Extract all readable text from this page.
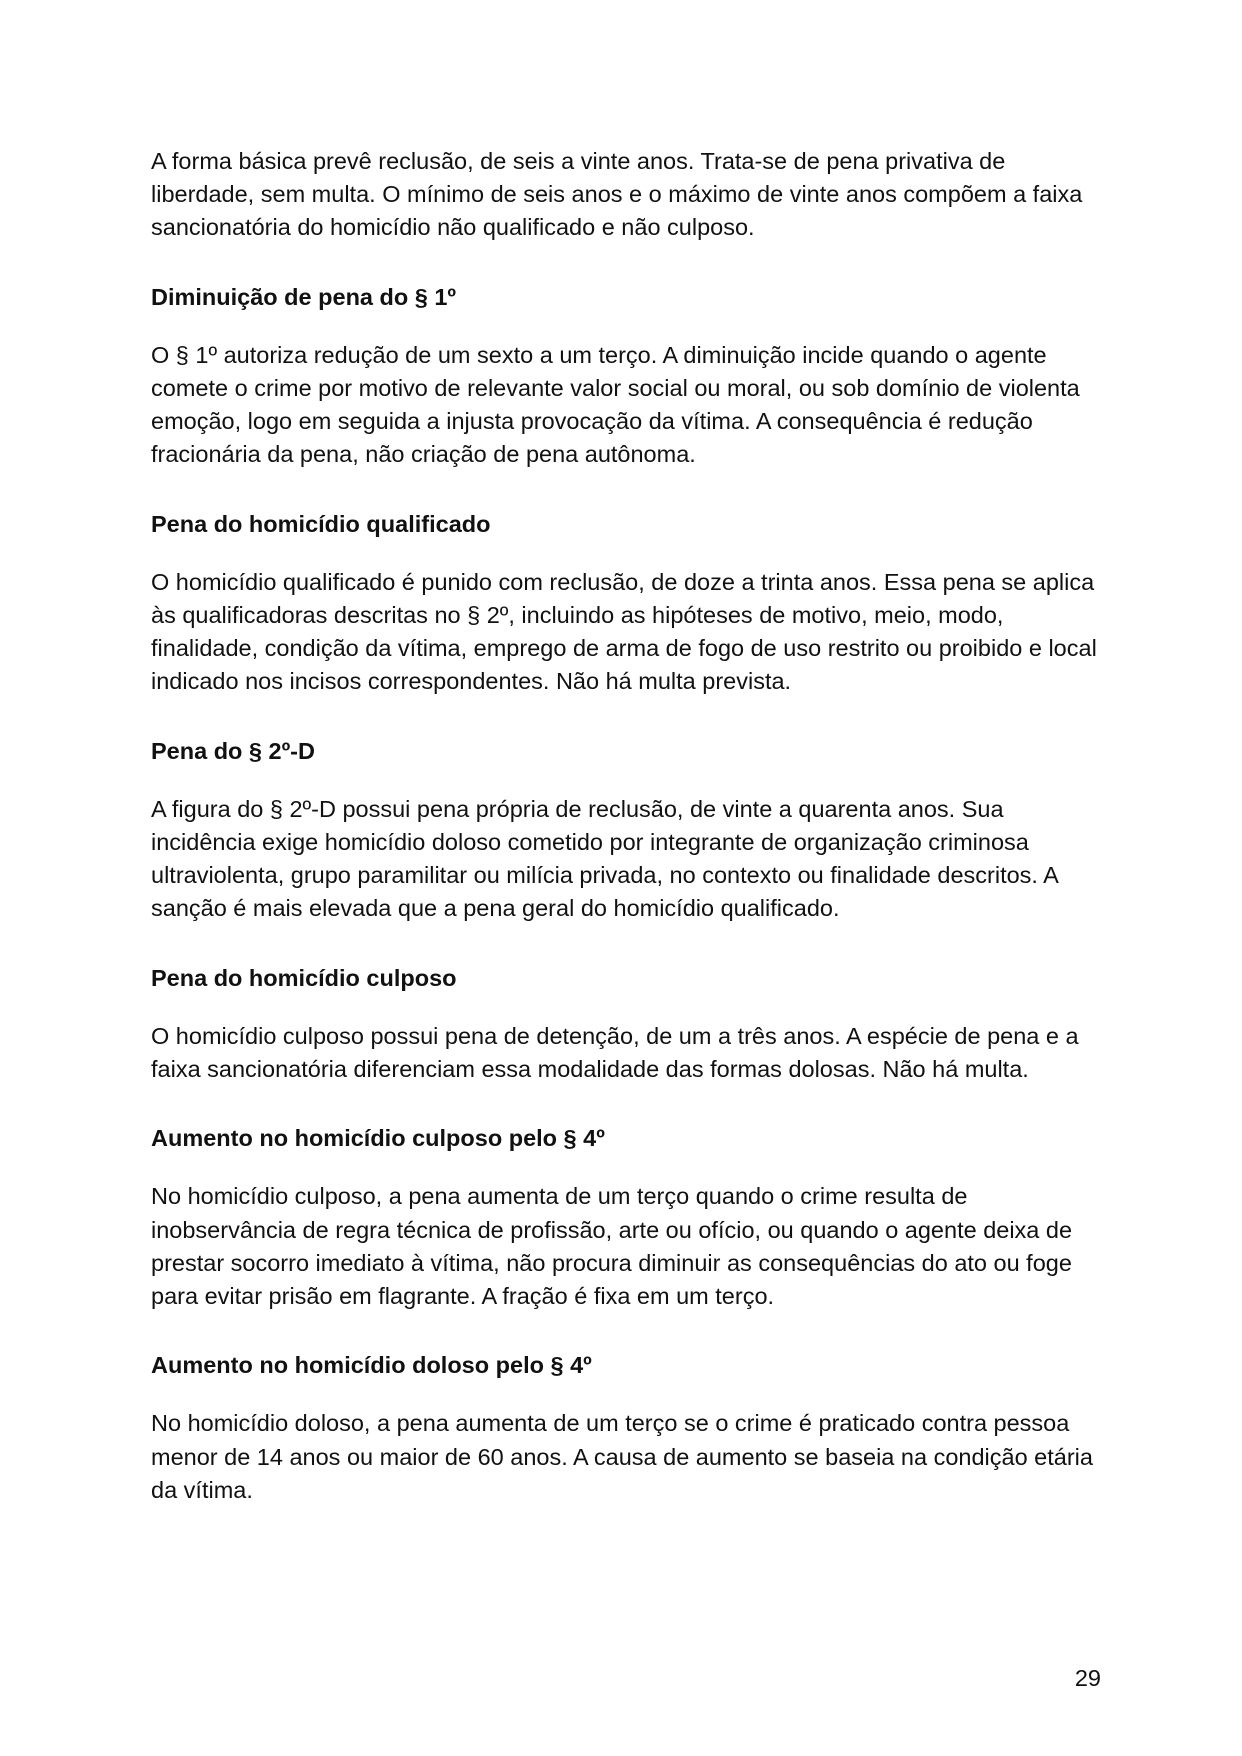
A forma básica prevê reclusão, de seis a vinte anos. Trata-se de pena privativa de liberdade, sem multa. O mínimo de seis anos e o máximo de vinte anos compõem a faixa sancionatória do homicídio não qualificado e não culposo.

Diminuição de pena do § 1º

O § 1º autoriza redução de um sexto a um terço. A diminuição incide quando o agente comete o crime por motivo de relevante valor social ou moral, ou sob domínio de violenta emoção, logo em seguida a injusta provocação da vítima. A consequência é redução fracionária da pena, não criação de pena autônoma.

Pena do homicídio qualificado

O homicídio qualificado é punido com reclusão, de doze a trinta anos. Essa pena se aplica às qualificadoras descritas no § 2º, incluindo as hipóteses de motivo, meio, modo, finalidade, condição da vítima, emprego de arma de fogo de uso restrito ou proibido e local indicado nos incisos correspondentes. Não há multa prevista.

Pena do § 2º-D

A figura do § 2º-D possui pena própria de reclusão, de vinte a quarenta anos. Sua incidência exige homicídio doloso cometido por integrante de organização criminosa ultraviolenta, grupo paramilitar ou milícia privada, no contexto ou finalidade descritos. A sanção é mais elevada que a pena geral do homicídio qualificado.

Pena do homicídio culposo

O homicídio culposo possui pena de detenção, de um a três anos. A espécie de pena e a faixa sancionatória diferenciam essa modalidade das formas dolosas. Não há multa.

Aumento no homicídio culposo pelo § 4º

No homicídio culposo, a pena aumenta de um terço quando o crime resulta de inobservância de regra técnica de profissão, arte ou ofício, ou quando o agente deixa de prestar socorro imediato à vítima, não procura diminuir as consequências do ato ou foge para evitar prisão em flagrante. A fração é fixa em um terço.

Aumento no homicídio doloso pelo § 4º

No homicídio doloso, a pena aumenta de um terço se o crime é praticado contra pessoa menor de 14 anos ou maior de 60 anos. A causa de aumento se baseia na condição etária da vítima.

29
